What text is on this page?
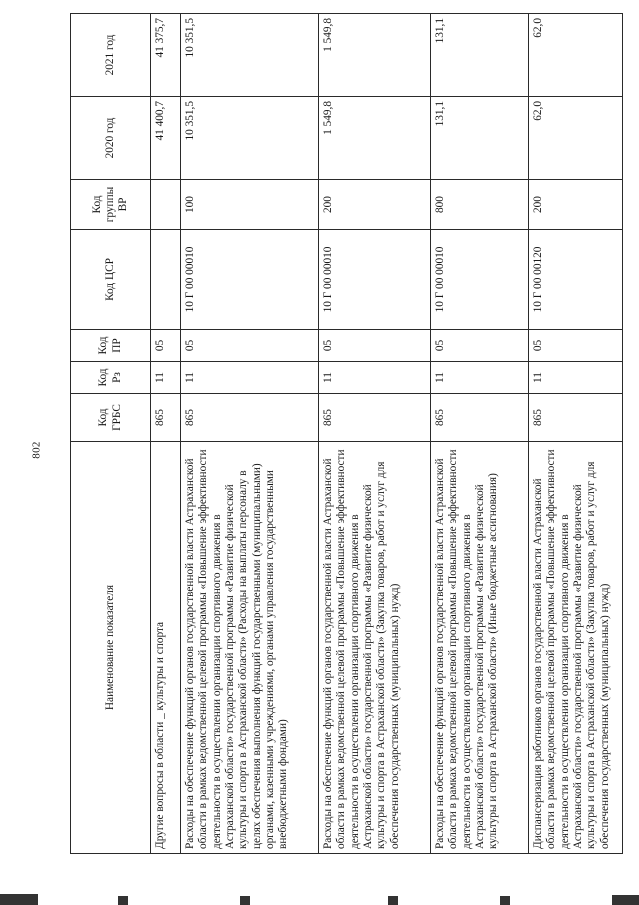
802
Наименование показателя	Код ГРБС	Код Рз	Код ПР	Код ЦСР	Код группы ВР	2020 год	2021 год
Другие вопросы в области _ культуры и спорта	865	11	05			41 400,7	41 375,7
Расходы на обеспечение функций органов государственной власти Астраханской области в рамках ведомственной целевой программы «Повышение эффективности деятельности в осуществлении организации спортивного движения в Астраханской области» государственной программы «Развитие физической культуры и спорта в Астраханской области» (Расходы на выплаты персоналу в целях обеспечения выполнения функций государственными (муниципальными) органами, казенными учреждениями, органами управления государственными внебюджетными фондами)	865	11	05	10 Г 00 00010	100	10 351,5	10 351,5
Расходы на обеспечение функций органов государственной власти Астраханской области в рамках ведомственной целевой программы «Повышение эффективности деятельности в осуществлении организации спортивного движения в Астраханской области» государственной программы «Развитие физической культуры и спорта в Астраханской области» (Закупка товаров, работ и услуг для обеспечения государственных (муниципальных) нужд)	865	11	05	10 Г 00 00010	200	1 549,8	1 549,8
Расходы на обеспечение функций органов государственной власти Астраханской области в рамках ведомственной целевой программы «Повышение эффективности деятельности в осуществлении организации спортивного движения в Астраханской области» государственной программы «Развитие физической культуры и спорта в Астраханской области» (Иные бюджетные ассигнования)	865	11	05	10 Г 00 00010	800	131,1	131,1
Диспансеризация работников органов государственной власти Астраханской области в рамках ведомственной целевой программы «Повышение эффективности деятельности в осуществлении организации спортивного движения в Астраханской области» государственной программы «Развитие физической культуры и спорта в Астраханской области» (Закупка товаров, работ и услуг для обеспечения государственных (муниципальных) нужд)	865	11	05	10 Г 00 00120	200	62,0	62,0
